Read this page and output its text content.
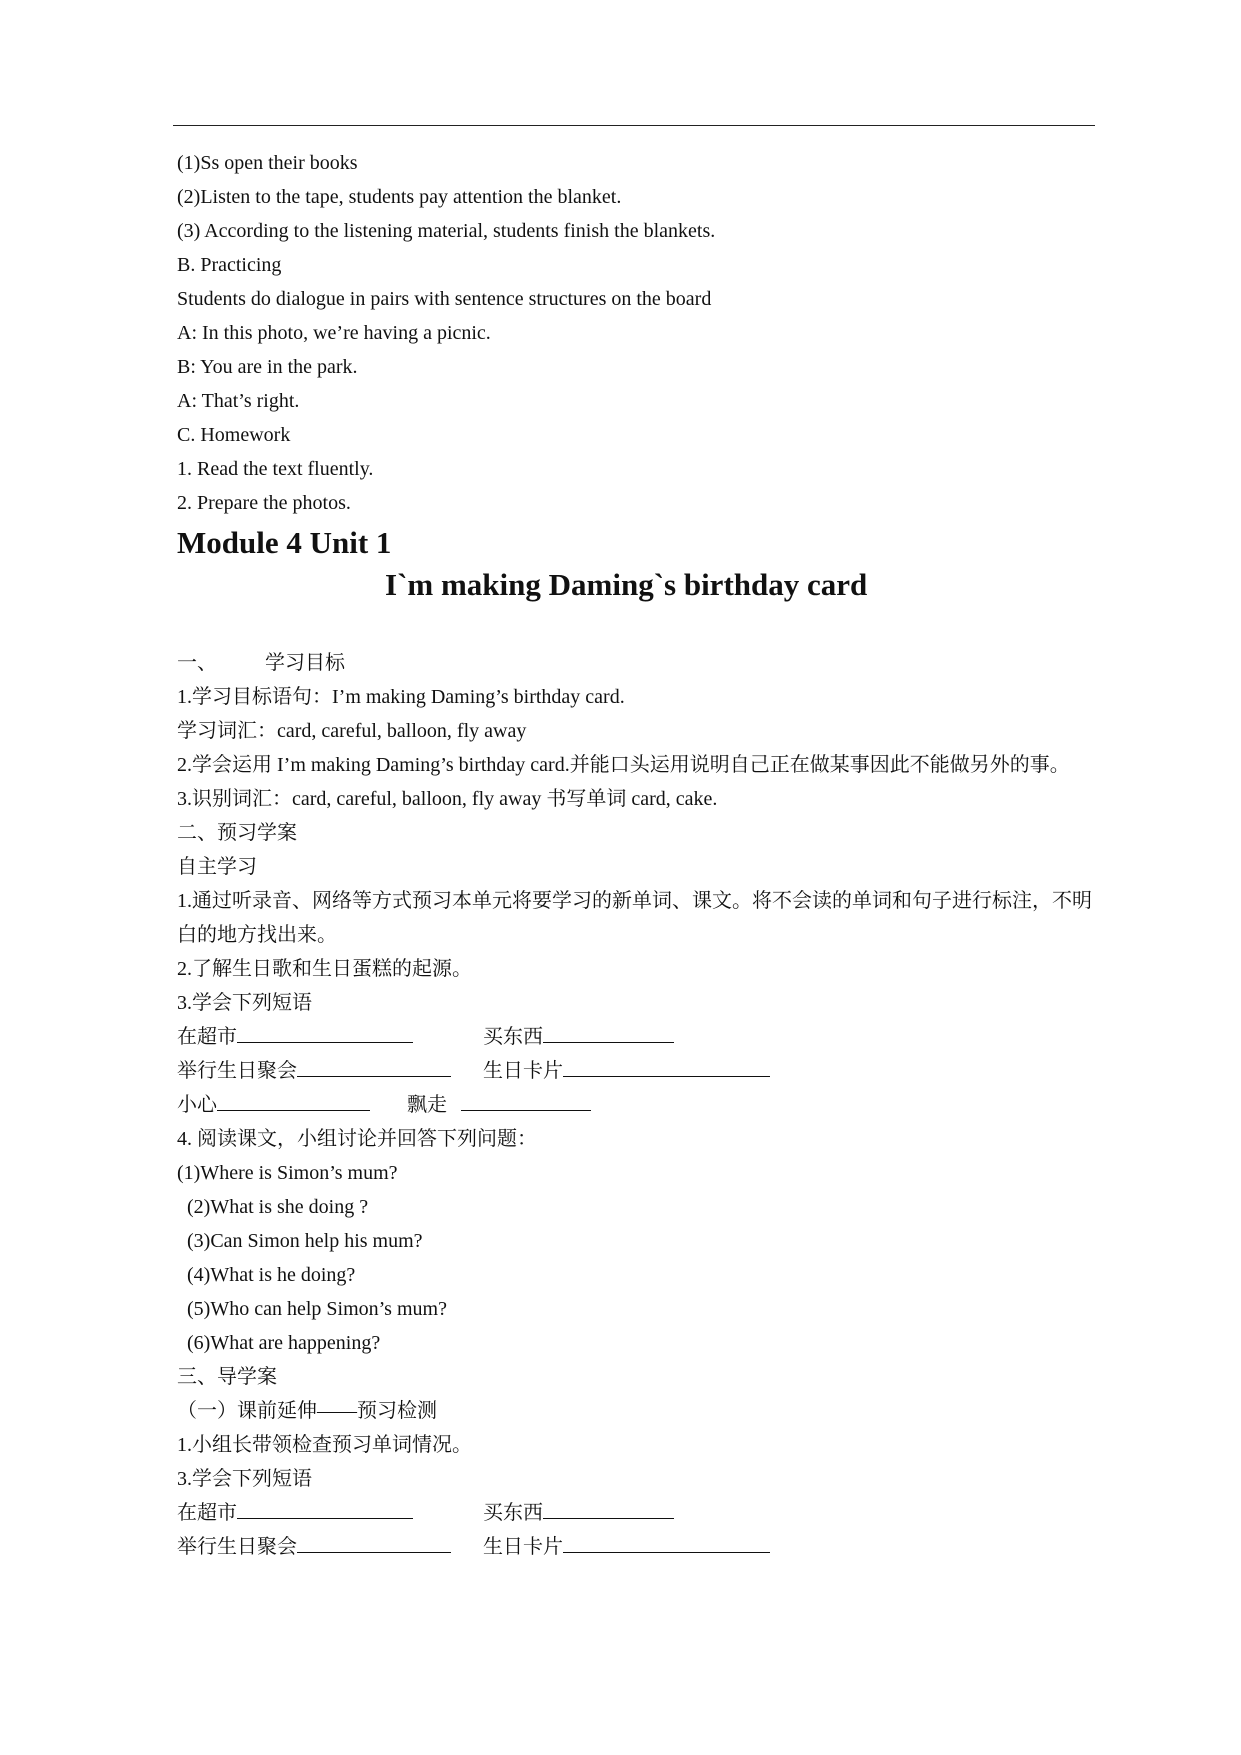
(1)Ss open their books
(2)Listen to the tape, students pay attention the blanket.
(3) According to the listening material, students finish the blankets.
B. Practicing
Students do dialogue in pairs with sentence structures on the board
A: In this photo, we’re having a picnic.
B: You are in the park.
A: That’s right.
C. Homework
1. Read the text fluently.
2. Prepare the photos.
Module 4 Unit 1
I`m making Daming`s birthday card
一、 学习目标
1.学习目标语句：I’m making Daming’s birthday card.
学习词汇：card, careful, balloon, fly away
2.学会运用 I’m making Daming’s birthday card.并能口头运用说明自己正在做某事因此不能做另外的事。
3.识别词汇：card, careful, balloon, fly away 书写单词 card, cake.
二、预习学案
自主学习
1.通过听录音、网络等方式预习本单元将要学习的新单词、课文。将不会读的单词和句子进行标注，不明白的地方找出来。
2.了解生日歌和生日蛋糕的起源。
3.学会下列短语
在超市	买东西
举行生日聚会	生日卡片
小心	飘走
4. 阅读课文，小组讨论并回答下列问题：
(1)Where is Simon’s mum?
(2)What is she doing ?
(3)Can Simon help his mum?
(4)What is he doing?
(5)Who can help Simon’s mum?
(6)What are happening?
三、导学案
（一）课前延伸——预习检测
1.小组长带领检查预习单词情况。
3.学会下列短语
在超市	买东西
举行生日聚会	生日卡片
